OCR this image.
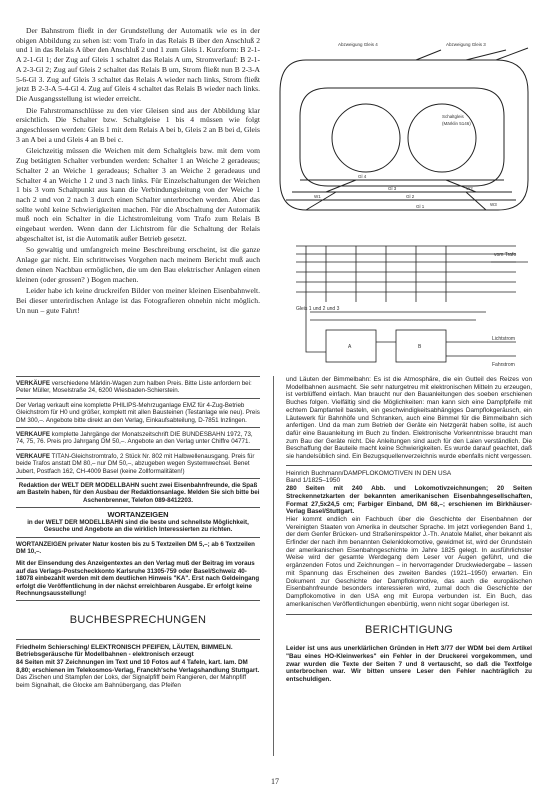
Der Bahnstrom fließt in der Grundstellung der Automatik wie es in der obigen Abbildung zu sehen ist: vom Trafo in das Relais B über den Anschluß 2 und 1 in das Relais A über den Anschluß 2 und 1 zum Gleis 1. Kurzform: B 2-1-A 2-1-Gl 1; der Zug auf Gleis 1 schaltet das Relais A um, Stromverlauf: B 2-1-A 2-3-Gl 2; Zug auf Gleis 2 schaltet das Relais B um, Strom fließt nun B 2-3-A 5-6-Gl 3. Zug auf Gleis 3 schaltet das Relais A wieder nach links, Strom fließt jetzt B 2-3-A 5-4-Gl 4. Zug auf Gleis 4 schaltet das Relais B wieder nach links. Die Ausgangsstellung ist wieder erreicht.

Die Fahrstromanschlüsse zu den vier Gleisen sind aus der Abbildung klar ersichtlich. Die Schalter bzw. Schaltgleise 1 bis 4 müssen wie folgt angeschlossen werden: Gleis 1 mit dem Relais A bei b, Gleis 2 an B bei d, Gleis 3 an A bei a und Gleis 4 an B bei c.

Gleichzeitig müssen die Weichen mit dem Schaltgleis bzw. mit dem vom Zug betätigten Schalter verbunden werden: Schalter 1 an Weiche 2 geradeaus; Schalter 2 an Weiche 1 geradeaus; Schalter 3 an Weiche 2 geradeaus und Schalter 4 an Weiche 1 2 und 3 nach links. Für Einzelschaltungen der Weichen 1 bis 3 vom Schaltpunkt aus kann die Verbindungsleitung von der Weiche 1 nach 2 und von 2 nach 3 durch einen Schalter unterbrochen werden. Aber das sollte wohl keine Schwierigkeiten machen. Für die Abschaltung der Automatik muß noch ein Schalter in die Lichtstromleitung vom Trafo zum Relais B eingebaut werden. Wenn dann der Lichtstrom für die Schaltung der Relais abgeschaltet ist, ist die Automatik außer Betrieb gesetzt.

So gewaltig und umfangreich meine Beschreibung erscheint, ist die ganze Anlage gar nicht. Ein schrittweises Vorgehen nach meinem Bericht muß auch denen einen Nachbau ermöglichen, die um den Bau elektrischer Anlagen einen kleinen (oder grossen? ) Bogen machen.

Leider habe ich keine druckreifen Bilder von meiner kleinen Eisenbahnwelt. Bei dieser unterirdischen Anlage ist das Fotografieren ohnehin nicht möglich. Un nun – gute Fahrt!

Abzweigung Gleis 4	Abzweigung Gleis 3
Schaltgleis
(Märklin 5146)
Gl 4
Gl 3
Gl 2
Gl 1
W1
W2
W3
A	B
vom Trafo
Lichtstrom
Fahrstrom
Gleis 1 und 2 und 3
VERKÄUFE verschiedene Märklin-Wagen zum halben Preis. Bitte Liste anfordern bei: Peter Müller, Moselstraße 24, 6200 Wiesbaden-Schierstein.
Der Verlag verkauft eine komplette PHILIPS-Mehrzuganlage EMZ für 4-Zug-Betrieb Gleichstrom für H0 und größer, komplett mit allen Bausteinen (Testanlage wie neu). Preis DM 300,–. Angebote bitte direkt an den Verlag, Einkaufsabteilung, D-7851 Inzlingen.
VERKAUFE komplette Jahrgänge der Monatszeitschrift DIE BUNDESBAHN 1972, 73, 74, 75, 76. Preis pro Jahrgang DM 50,–. Angebote an den Verlag unter Chiffre 04771.
VERKAUFE TITAN-Gleichstromtrafo, 2 Stück Nr. 802 mit Halbwellenausgang. Preis für beide Trafos anstatt DM 80,– nur DM 50,–, abzugeben wegen Systemwechsel. Benet Jubert, Postfach 162, CH-4009 Basel (keine Zollformalitäten!)
Redaktion der WELT DER MODELLBAHN sucht zwei Eisenbahnfreunde, die Spaß am Basteln haben, für den Ausbau der Redaktionsanlage. Melden Sie sich bitte bei Aschenbrenner, Telefon 089-8412203.
WORTANZEIGEN
in der WELT DER MODELLBAHN sind die beste und schnellste Möglichkeit, Gesuche und Angebote an die wirklich Interessierten zu richten.
WORTANZEIGEN privater Natur kosten bis zu 5 Textzeilen DM 5,–; ab 6 Textzeilen DM 10,–.
Mit der Einsendung des Anzeigentextes an den Verlag muß der Beitrag im voraus auf das Verlags-Postscheckkonto Karlsruhe 31305-759 oder Basel/Schweiz 40-18078 einbezahlt werden mit dem deutlichen Hinweis "KA". Erst nach Geldeingang erfolgt die Veröffentlichung in der nächst erreichbaren Ausgabe. Er erfolgt keine Rechnungsausstellung!
BUCHBESPRECHUNGEN
Friedhelm Schiersching/ ELEKTRONISCH PFEIFEN, LÄUTEN, BIMMELN. Betriebsgeräusche für Modellbahnen - elektronisch erzeugt
84 Seiten mit 37 Zeichnungen im Text und 10 Fotos auf 4 Tafeln, kart. lam. DM 8,80; erschienen im Telekosmos-Verlag, Franckh'sche Verlagshandlung Stuttgart.
Das Zischen und Stampfen der Loks, der Signalpfiff beim Rangieren, der Mahnpfiff beim Signalhalt, die Glocke am Bahnübergang, das Pfeifen

und Läuten der Bimmelbahn: Es ist die Atmosphäre, die ein Gutteil des Reizes von Modellbahnen ausmacht. Sie sehr naturgetreu mit elektronischen Mitteln zu erzeugen, ist verblüffend einfach. Man braucht nur den Bauanleitungen des soeben erschienen Buches folgen. Vielfältig sind die Möglichkeiten: man kann sich eine Dampfpfeife mit echtem Dampfanteil basteln, ein geschwindigkeitsabhängiges Dampflokgeräusch, ein Läutewerk für Bahnhöfe und Schranken, auch eine Bimmel für die Bimmelbahn sich anfertigen. Und da man zum Betrieb der Geräte ein Netzgerät haben sollte, ist auch dafür eine Bauanleitung im Buch zu finden. Elektronische Vorkenntnisse braucht man zum Bau der Geräte nicht. Die Anleitungen sind auch für den Laien verständlich. Die Beschaffung der Bauteile macht keine Schwierigkeiten. Es wurde darauf geachtet, daß sie handelsüblich sind. Ein Bezugsquellenverzeichnis wurde ebenfalls nicht vergessen.

Heinrich Buchmann/DAMPFLOKOMOTIVEN IN DEN USA
Band 1/1825–1950
280 Seiten mit 240 Abb. und Lokomotivzeichnungen; 20 Seiten Streckennetzkarten der bekannten amerikanischen Eisenbahngesellschaften, Format 27,5x24,5 cm; Farbiger Einband, DM 68,–; erschienen im Birkhäuser-Verlag Basel/Stuttgart.

Hier kommt endlich ein Fachbuch über die Geschichte der Eisenbahnen der Vereinigten Staaten von Amerika in deutscher Sprache. Im jetzt vorliegenden Band 1, der dem Genfer Brücken- und Straßeninspektor J.-Th. Anatole Mallet, eher bekannt als Erfinder der nach ihm benannten Gelenklokomotive, gewidmet ist, wird der Grundstein der amerikanischen Eisenbahngeschichte im Jahre 1825 gelegt. In ausführlichster Weise wird der gesamte Werdegang dem Leser vor Augen geführt, und die ergänzenden Fotos und Zeichnungen – in hervorragender Druckwiedergabe – lassen mit Spannung das Erscheinen des zweiten Bandes (1921–1950) erwarten. Ein Dokument zur Geschichte der Dampflokomotive, das auch die europäischen Eisenbahnfreunde besonders interessieren wird, zumal doch die Geschichte der Dampflokomotive in den USA eng mit Europa verbunden ist. Ein Buch, das amerikanischen Veröffentlichungen ebenbürtig, wenn nicht sogar überlegen ist.

BERICHTIGUNG

Leider ist uns aus unerklärlichen Gründen in Heft 3/77 der WDM bei dem Artikel "Bau eines HO-Kleinwerkes" ein Fehler in der Druckerei vorgekommen, und zwar wurden die Texte der Seiten 7 und 8 vertauscht, so daß die Textfolge unterbrochen war. Wir bitten unsere Leser den Fehler nachträglich zu entschuldigen.

17
